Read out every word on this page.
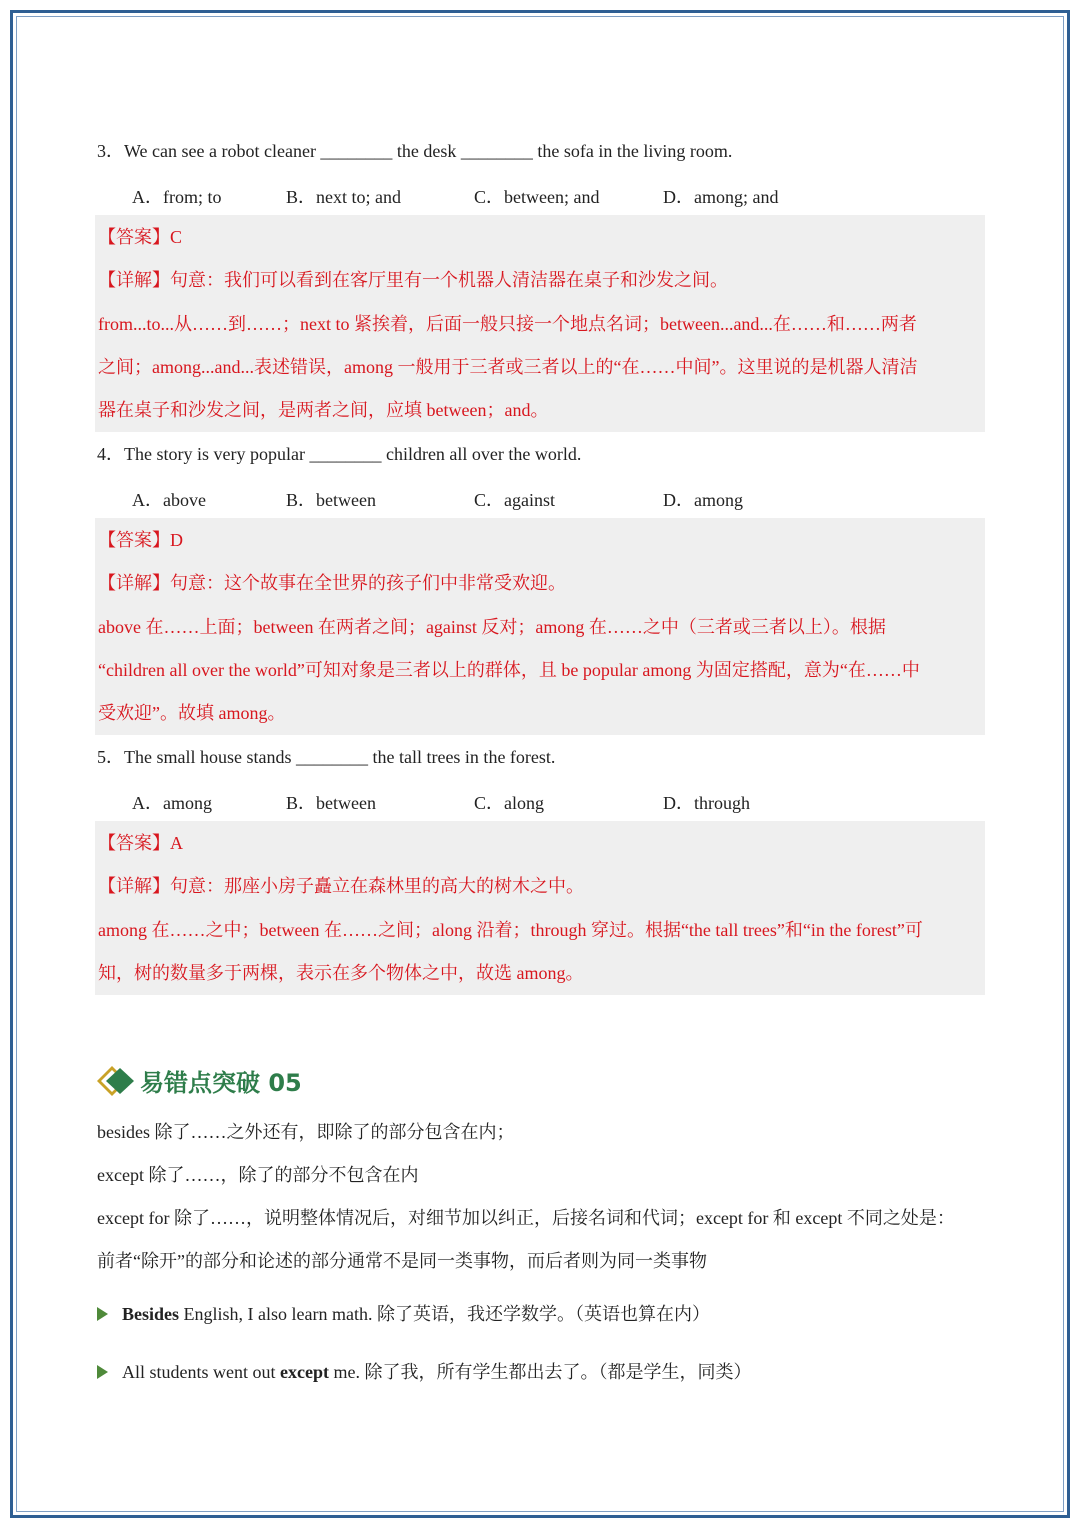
3．We can see a robot cleaner ________ the desk ________ the sofa in the living room.
A．from; to	B．next to; and	C．between; and	D．among; and
【答案】C
【详解】句意：我们可以看到在客厅里有一个机器人清洁器在桌子和沙发之间。
from...to...从……到……；next to 紧挨着，后面一般只接一个地点名词；between...and...在……和……两者
之间；among...and...表述错误，among 一般用于三者或三者以上的“在……中间”。这里说的是机器人清洁
器在桌子和沙发之间，是两者之间，应填 between；and。
4．The story is very popular ________ children all over the world.
A．above	B．between	C．against	D．among
【答案】D
【详解】句意：这个故事在全世界的孩子们中非常受欢迎。
above 在……上面；between 在两者之间；against 反对；among 在……之中（三者或三者以上）。根据
“children all over the world”可知对象是三者以上的群体，且 be popular among 为固定搭配，意为“在……中
受欢迎”。故填 among。
5．The small house stands ________ the tall trees in the forest.
A．among	B．between	C．along	D．through
【答案】A
【详解】句意：那座小房子矗立在森林里的高大的树木之中。
among 在……之中；between 在……之间；along 沿着；through 穿过。根据“the tall trees”和“in the forest”可
知，树的数量多于两棵，表示在多个物体之中，故选 among。
易错点突破 05
besides 除了……之外还有，即除了的部分包含在内；
except 除了……，除了的部分不包含在内
except for 除了……，说明整体情况后，对细节加以纠正，后接名词和代词；except for 和 except 不同之处是：
前者“除开”的部分和论述的部分通常不是同一类事物，而后者则为同一类事物
Besides English, I also learn math. 除了英语，我还学数学。（英语也算在内）
All students went out except me. 除了我，所有学生都出去了。（都是学生，同类）
